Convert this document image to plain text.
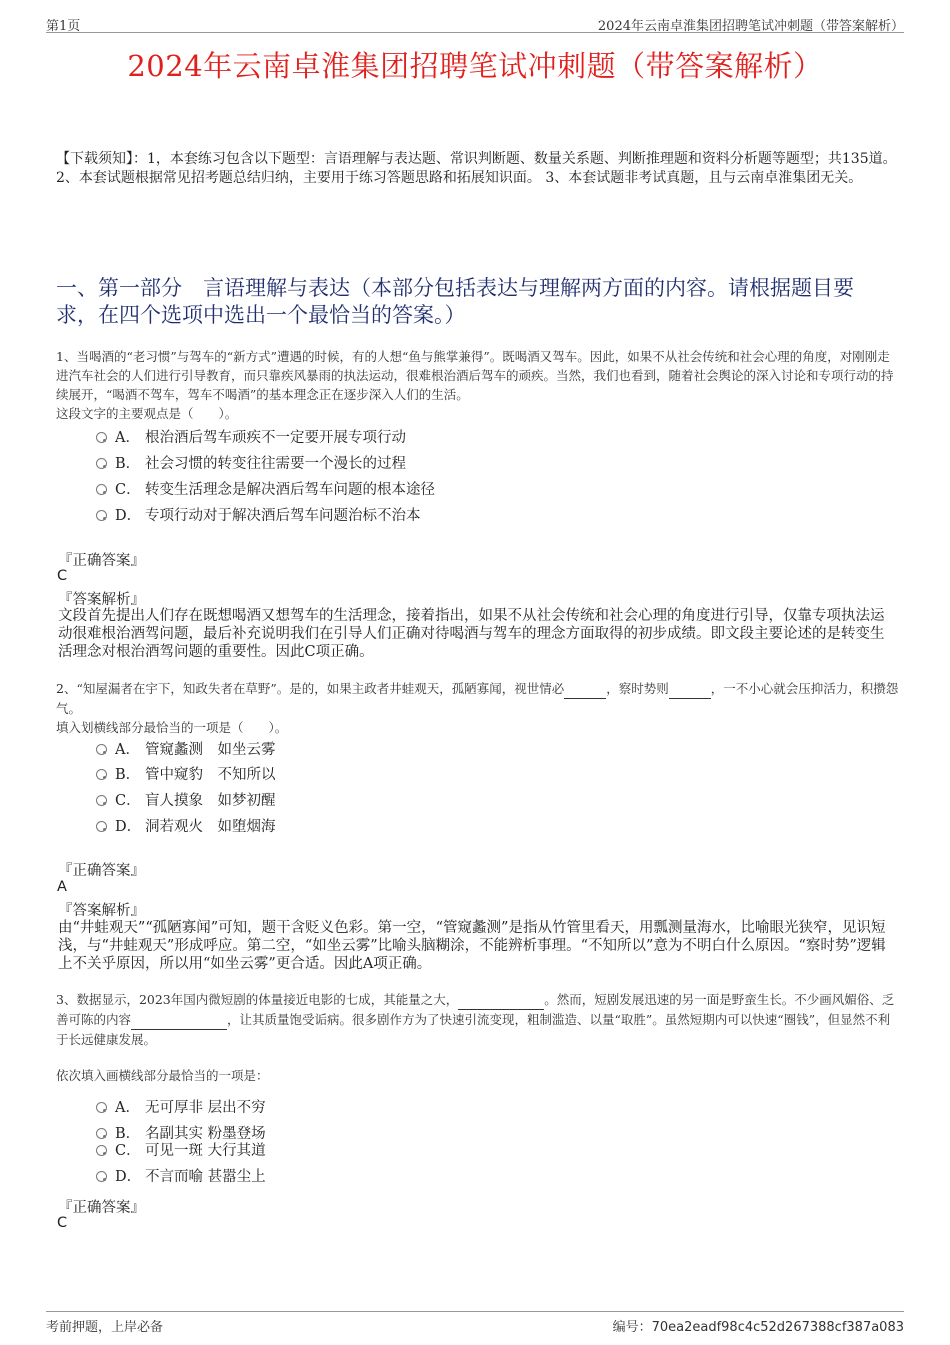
第1页	2024年云南卓淮集团招聘笔试冲刺题（带答案解析）
2024年云南卓淮集团招聘笔试冲刺题（带答案解析）
【下载须知】：1，本套练习包含以下题型：言语理解与表达题、常识判断题、数量关系题、判断推理题和资料分析题等题型；共135道。 2、本套试题根据常见招考题总结归纳，主要用于练习答题思路和拓展知识面。 3、本套试题非考试真题，且与云南卓淮集团无关。
一、第一部分　言语理解与表达（本部分包括表达与理解两方面的内容。请根据题目要求，在四个选项中选出一个最恰当的答案。）
1、当喝酒的“老习惯”与驾车的“新方式”遭遇的时候，有的人想“鱼与熊掌兼得”。既喝酒又驾车。因此，如果不从社会传统和社会心理的角度，对刚刚走进汽车社会的人们进行引导教育，而只靠疾风暴雨的执法运动，很难根治酒后驾车的顽疾。当然，我们也看到，随着社会舆论的深入讨论和专项行动的持续展开，“喝酒不驾车，驾车不喝酒”的基本理念正在逐步深入人们的生活。
这段文字的主要观点是（　　）。
A． 根治酒后驾车顽疾不一定要开展专项行动
B． 社会习惯的转变往往需要一个漫长的过程
C． 转变生活理念是解决酒后驾车问题的根本途径
D． 专项行动对于解决酒后驾车问题治标不治本
『正确答案』
C
『答案解析』
文段首先提出人们存在既想喝酒又想驾车的生活理念，接着指出，如果不从社会传统和社会心理的角度进行引导，仅靠专项执法运动很难根治酒驾问题，最后补充说明我们在引导人们正确对待喝酒与驾车的理念方面取得的初步成绩。即文段主要论述的是转变生活理念对根治酒驾问题的重要性。因此C项正确。
2、“知屋漏者在宇下，知政失者在草野”。是的，如果主政者井蛙观天，孤陋寡闻，视世情必	，察时势则	，一不小心就会压抑活力，积攒怨气。
填入划横线部分最恰当的一项是（　　）。
A． 管窥蠡测　如坐云雾
B． 管中窥豹　不知所以
C． 盲人摸象　如梦初醒
D． 洞若观火　如堕烟海
『正确答案』
A
『答案解析』
由“井蛙观天”“孤陋寡闻”可知，题干含贬义色彩。第一空，“管窥蠡测”是指从竹管里看天，用瓢测量海水，比喻眼光狭窄，见识短浅，与“井蛙观天”形成呼应。第二空，“如坐云雾”比喻头脑糊涂，不能辨析事理。“不知所以”意为不明白什么原因。“察时势”逻辑上不关乎原因，所以用“如坐云雾”更合适。因此A项正确。
3、数据显示，2023年国内微短剧的体量接近电影的七成，其能量之大，	。然而，短剧发展迅速的另一面是野蛮生长。不少画风媚俗、乏善可陈的内容	，让其质量饱受诟病。很多剧作方为了快速引流变现，粗制滥造、以量“取胜”。虽然短期内可以快速“圈钱”，但显然不利于长远健康发展。
依次填入画横线部分最恰当的一项是：
A． 无可厚非 层出不穷
B． 名副其实 粉墨登场
C． 可见一斑 大行其道
D． 不言而喻 甚嚣尘上
『正确答案』
C
考前押题，上岸必备	编号：70ea2eadf98c4c52d267388cf387a083
